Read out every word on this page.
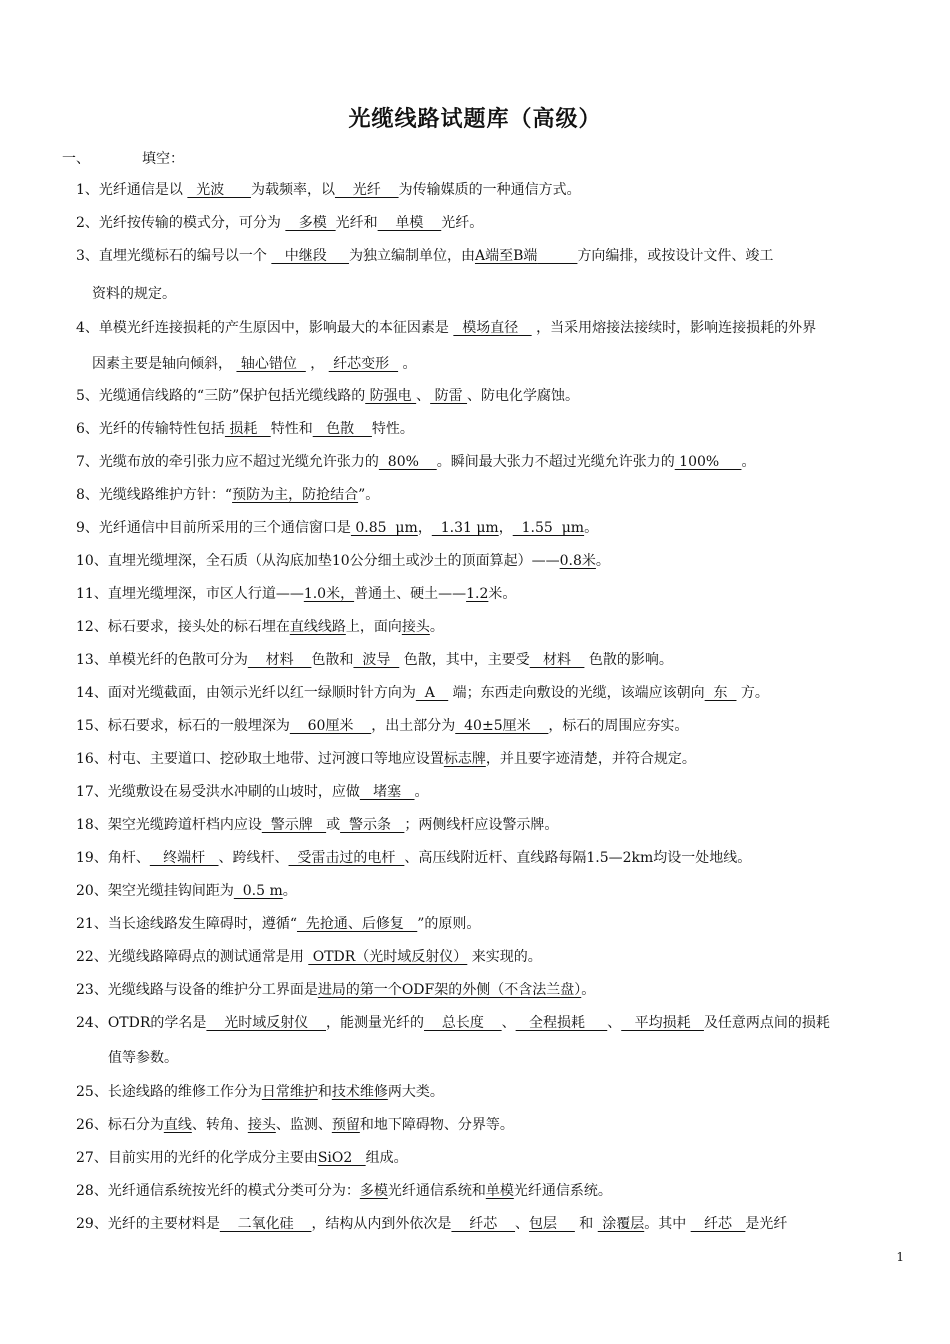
光缆线路试题库（高级）
一、	填空：
1、光纤通信是以   光波      为载频率，以    光纤    为传输媒质的一种通信方式。
2、光纤按传输的模式分，可分为    多模  光纤和    单模    光纤。
3、直埋光缆标石的编号以一个    中继段     为独立编制单位，由A端至B端	方向编排，或按设计文件、竣工
资料的规定。
4、单模光纤连接损耗的产生原因中，影响最大的本征因素是   模场直径    ，当采用熔接法接续时，影响连接损耗的外界
因素主要是轴向倾斜，  轴心错位   ，  纤芯变形   。
5、光缆通信线路的“三防”保护包括光缆线路的 防强电 、 防雷 、防电化学腐蚀。
6、光纤的传输特性包括 损耗   特性和   色散    特性。
7、光缆布放的牵引张力应不超过光缆允许张力的  80%    。瞬间最大张力不超过光缆允许张力的 100%     。
8、光缆线路维护方针：“预防为主，防抢结合”。
9、光纤通信中目前所采用的三个通信窗口是 0.85  μm，  1.31 μm，  1.55  μm。
10、直埋光缆埋深，全石质（从沟底加垫10公分细土或沙土的顶面算起）——0.8米。
11、直埋光缆埋深，市区人行道——1.0米，普通土、硬土——1.2米。
12、标石要求，接头处的标石埋在直线线路上，面向接头。
13、单模光纤的色散可分为    材料    色散和  波导   色散，其中，主要受   材料    色散的影响。
14、面对光缆截面，由领示光纤以红一绿顺时针方向为  A    端；东西走向敷设的光缆，该端应该朝向  东   方。
15、标石要求，标石的一般埋深为    60厘米    ，出土部分为  40±5厘米    ，标石的周围应夯实。
16、村屯、主要道口、挖砂取土地带、过河渡口等地应设置标志牌，并且要字迹清楚，并符合规定。
17、光缆敷设在易受洪水冲刷的山坡时，应做   堵塞   。
18、架空光缆跨道杆档内应设  警示牌   或  警示条   ；两侧线杆应设警示牌。
19、角杆、   终端杆   、跨线杆、  受雷击过的电杆  、高压线附近杆、直线路每隔1.5—2km均设一处地线。
20、架空光缆挂钩间距为  0.5 m。
21、当长途线路发生障碍时，遵循“  先抢通、后修复   ”的原则。
22、光缆线路障碍点的测试通常是用  OTDR（光时域反射仪） 来实现的。
23、光缆线路与设备的维护分工界面是进局的第一个ODF架的外侧（不含法兰盘）。
24、OTDR的学名是    光时域反射仪    ，能测量光纤的    总长度    、   全程损耗     、   平均损耗   及任意两点间的损耗
值等参数。
25、长途线路的维修工作分为日常维护和技术维修两大类。
26、标石分为直线、转角、接头、监测、预留和地下障碍物、分界等。
27、目前实用的光纤的化学成分主要由SiO2   组成。
28、光纤通信系统按光纤的模式分类可分为：多模光纤通信系统和单模光纤通信系统。
29、光纤的主要材料是    二氧化硅    ，结构从内到外依次是    纤芯    、包层     和  涂覆层。其中    纤芯   是光纤
1
